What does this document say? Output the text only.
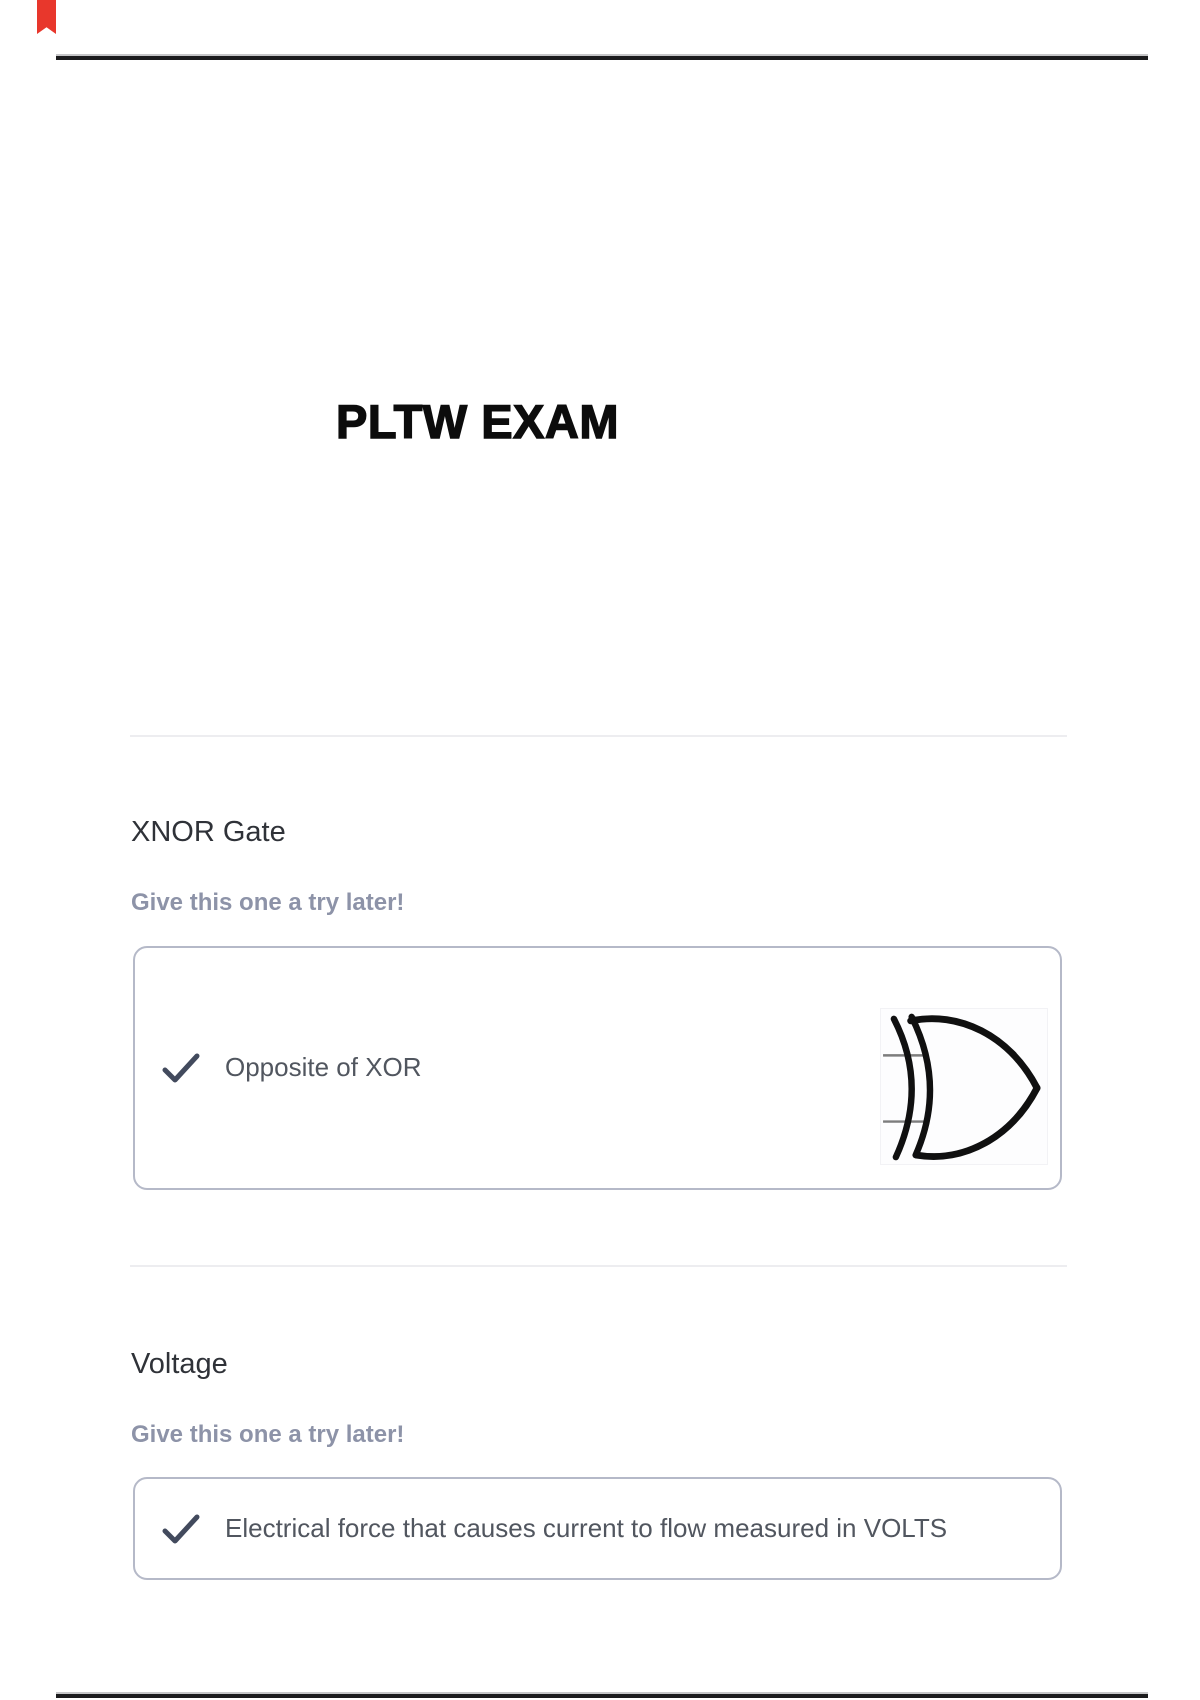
PLTW EXAM
XNOR Gate
Give this one a try later!
Opposite of XOR
Voltage
Give this one a try later!
Electrical force that causes current to flow measured in VOLTS
